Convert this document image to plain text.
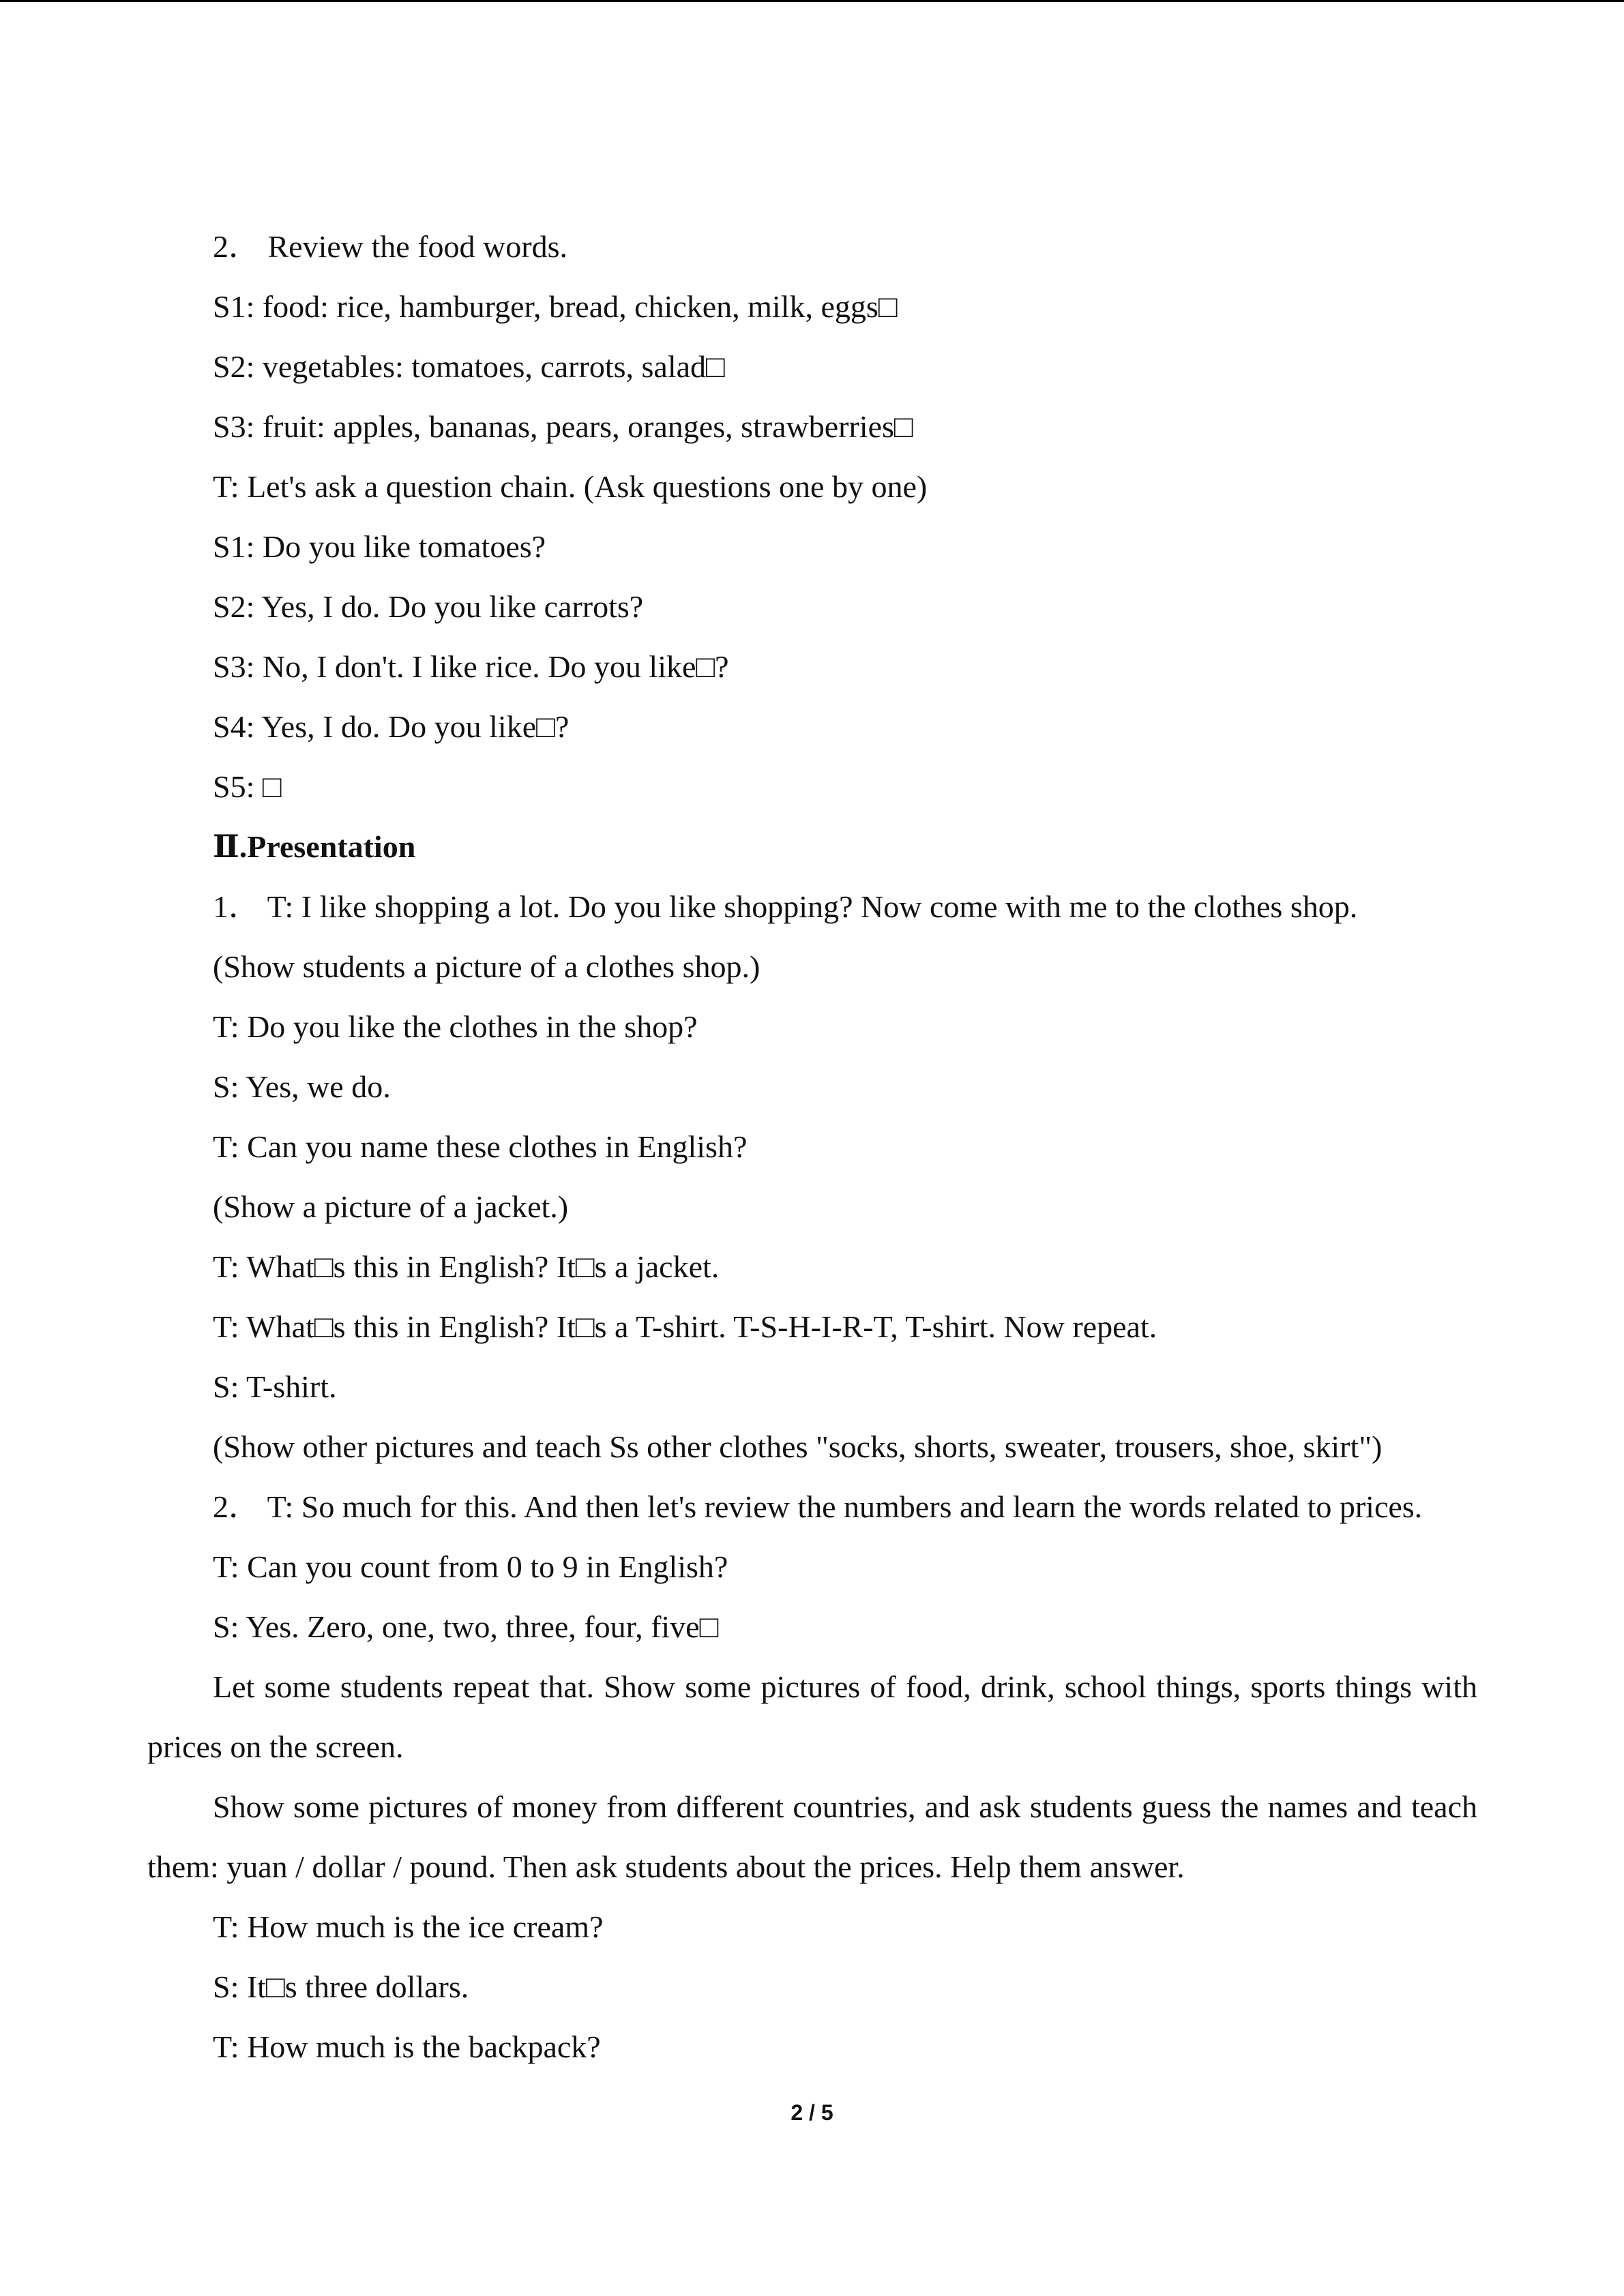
2． Review the food words.
S1: food: rice, hamburger, bread, chicken, milk, eggs□
S2: vegetables: tomatoes, carrots, salad□
S3: fruit: apples, bananas, pears, oranges, strawberries□
T: Let's ask a question chain. (Ask questions one by one)
S1: Do you like tomatoes?
S2: Yes, I do. Do you like carrots?
S3: No, I don't. I like rice. Do you like□?
S4: Yes, I do. Do you like□?
S5: □
Ⅱ.Presentation
1． T: I like shopping a lot. Do you like shopping? Now come with me to the clothes shop.
(Show students a picture of a clothes shop.)
T: Do you like the clothes in the shop?
S: Yes, we do.
T: Can you name these clothes in English?
(Show a picture of a jacket.)
T: What□s this in English? It□s a jacket.
T: What□s this in English? It□s a T-shirt. T-S-H-I-R-T, T-shirt. Now repeat.
S: T-shirt.
(Show other pictures and teach Ss other clothes "socks, shorts, sweater, trousers, shoe, skirt")
2． T: So much for this. And then let's review the numbers and learn the words related to prices.
T: Can you count from 0 to 9 in English?
S: Yes. Zero, one, two, three, four, five□
Let some students repeat that. Show some pictures of food, drink, school things, sports things with prices on the screen.
Show some pictures of money from different countries, and ask students guess the names and teach them: yuan / dollar / pound. Then ask students about the prices. Help them answer.
T: How much is the ice cream?
S: It□s three dollars.
T: How much is the backpack?
2 / 5
